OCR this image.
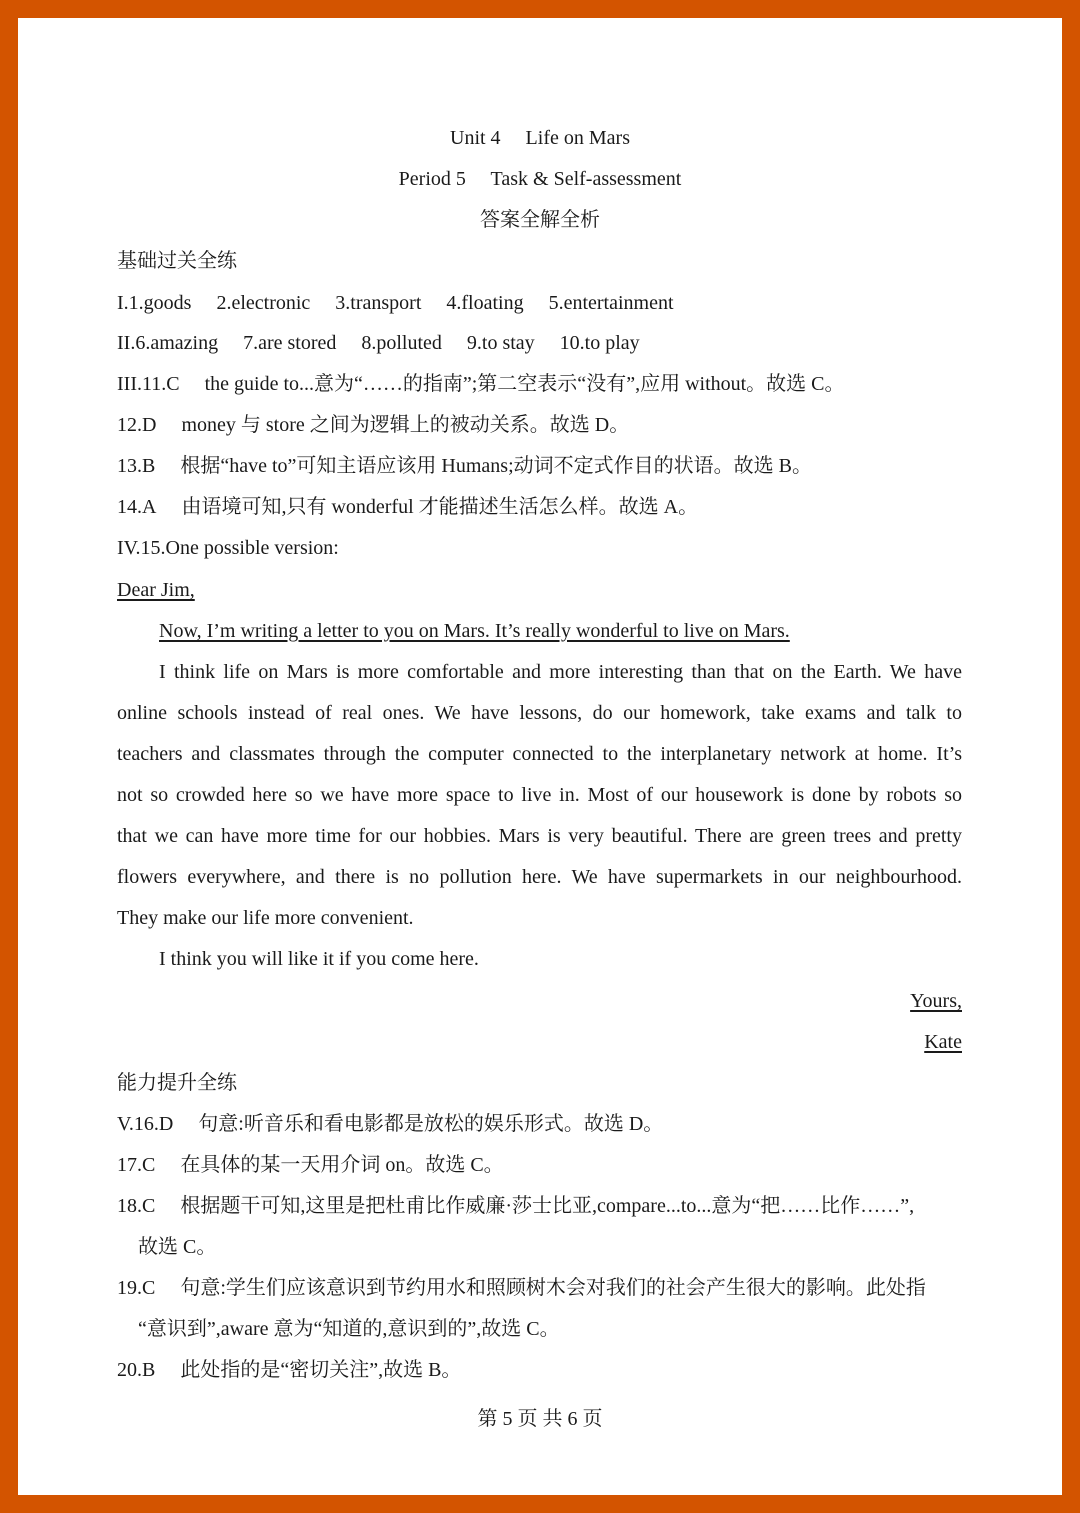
Unit 4  Life on Mars
Period 5  Task & Self-assessment
答案全解全析
基础过关全练
I.1.goods  2.electronic  3.transport  4.floating  5.entertainment
II.6.amazing  7.are stored  8.polluted  9.to stay  10.to play
III.11.C  the guide to...意为“……的指南”;第二空表示“没有”,应用 without。故选 C。
12.D  money 与 store 之间为逻辑上的被动关系。故选 D。
13.B  根据“have to”可知主语应该用 Humans;动词不定式作目的状语。故选 B。
14.A  由语境可知,只有 wonderful 才能描述生活怎么样。故选 A。
IV.15.One possible version:
Dear Jim,
Now, I’m writing a letter to you on Mars. It’s really wonderful to live on Mars.
I think life on Mars is more comfortable and more interesting than that on the Earth. We have
online schools instead of real ones. We have lessons, do our homework, take exams and talk to
teachers and classmates through the computer connected to the interplanetary network at home. It’s
not so crowded here so we have more space to live in. Most of our housework is done by robots so
that we can have more time for our hobbies. Mars is very beautiful. There are green trees and pretty
flowers everywhere, and there is no pollution here. We have supermarkets in our neighbourhood.
They make our life more convenient.
I think you will like it if you come here.
Yours,
Kate
能力提升全练
V.16.D  句意:听音乐和看电影都是放松的娱乐形式。故选 D。
17.C  在具体的某一天用介词 on。故选 C。
18.C  根据题干可知,这里是把杜甫比作威廉·莎士比亚,compare...to...意为“把……比作……”,
故选 C。
19.C  句意:学生们应该意识到节约用水和照顾树木会对我们的社会产生很大的影响。此处指
“意识到”,aware 意为“知道的,意识到的”,故选 C。
20.B  此处指的是“密切关注”,故选 B。
第 5 页 共 6 页
